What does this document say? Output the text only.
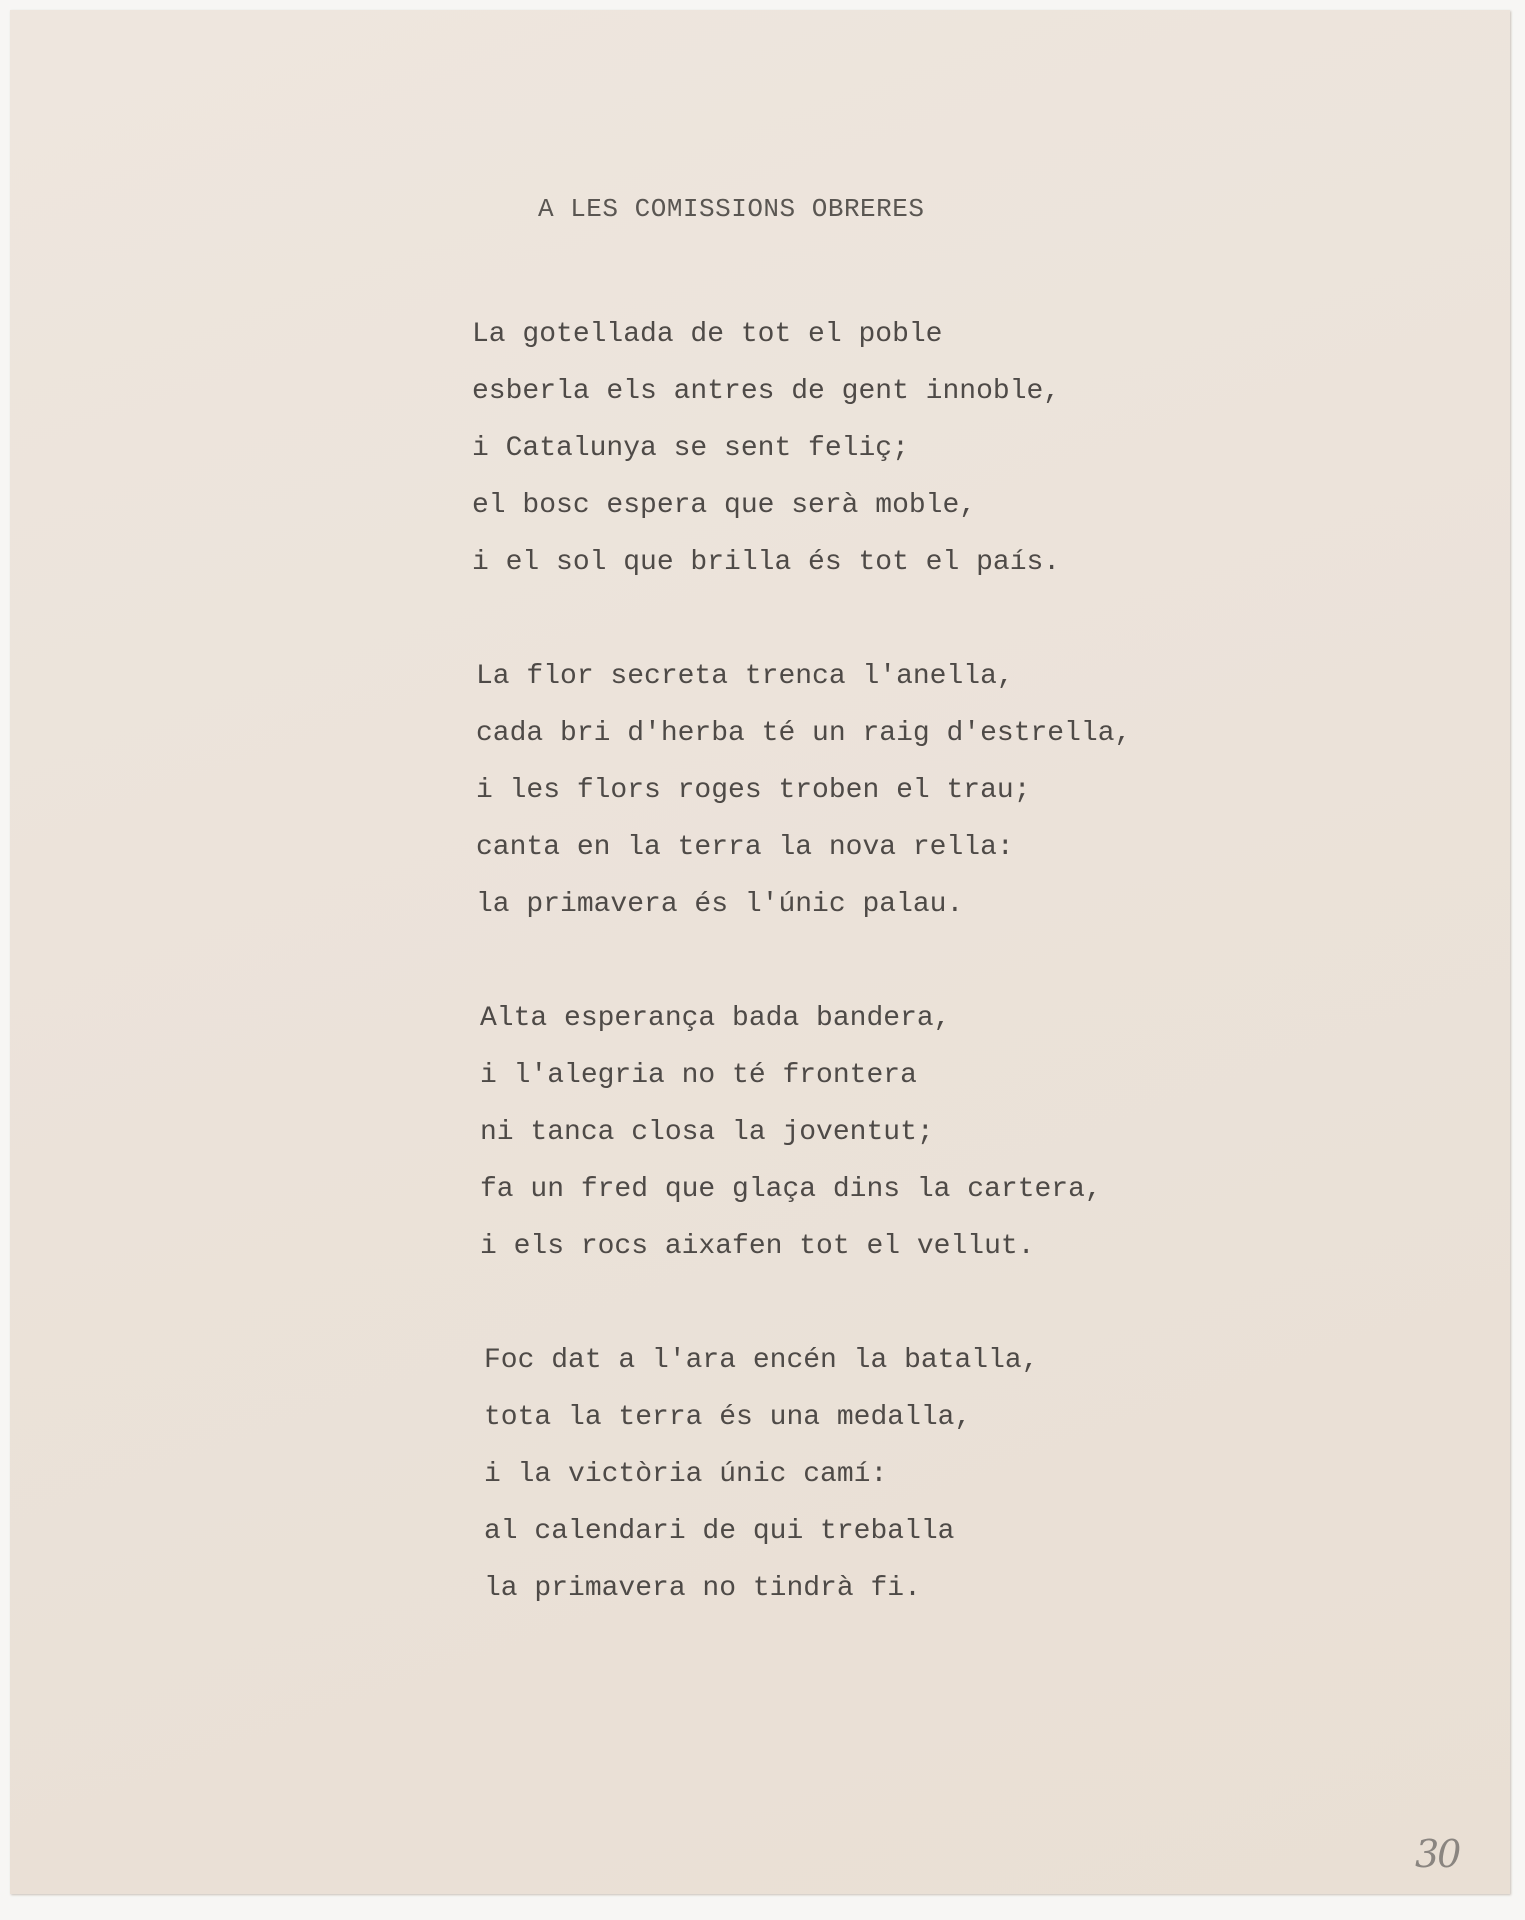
A LES COMISSIONS OBRERES
La gotellada de tot el poble
esberla els antres de gent innoble,
i Catalunya se sent feliç;
el bosc espera que serà moble,
i el sol que brilla és tot el país.
La flor secreta trenca l'anella,
cada bri d'herba té un raig d'estrella,
i les flors roges troben el trau;
canta en la terra la nova rella:
la primavera és l'únic palau.
Alta esperança bada bandera,
i l'alegria no té frontera
ni tanca closa la joventut;
fa un fred que glaça dins la cartera,
i els rocs aixafen tot el vellut.
Foc dat a l'ara encén la batalla,
tota la terra és una medalla,
i la victòria únic camí:
al calendari de qui treballa
la primavera no tindrà fi.
30
